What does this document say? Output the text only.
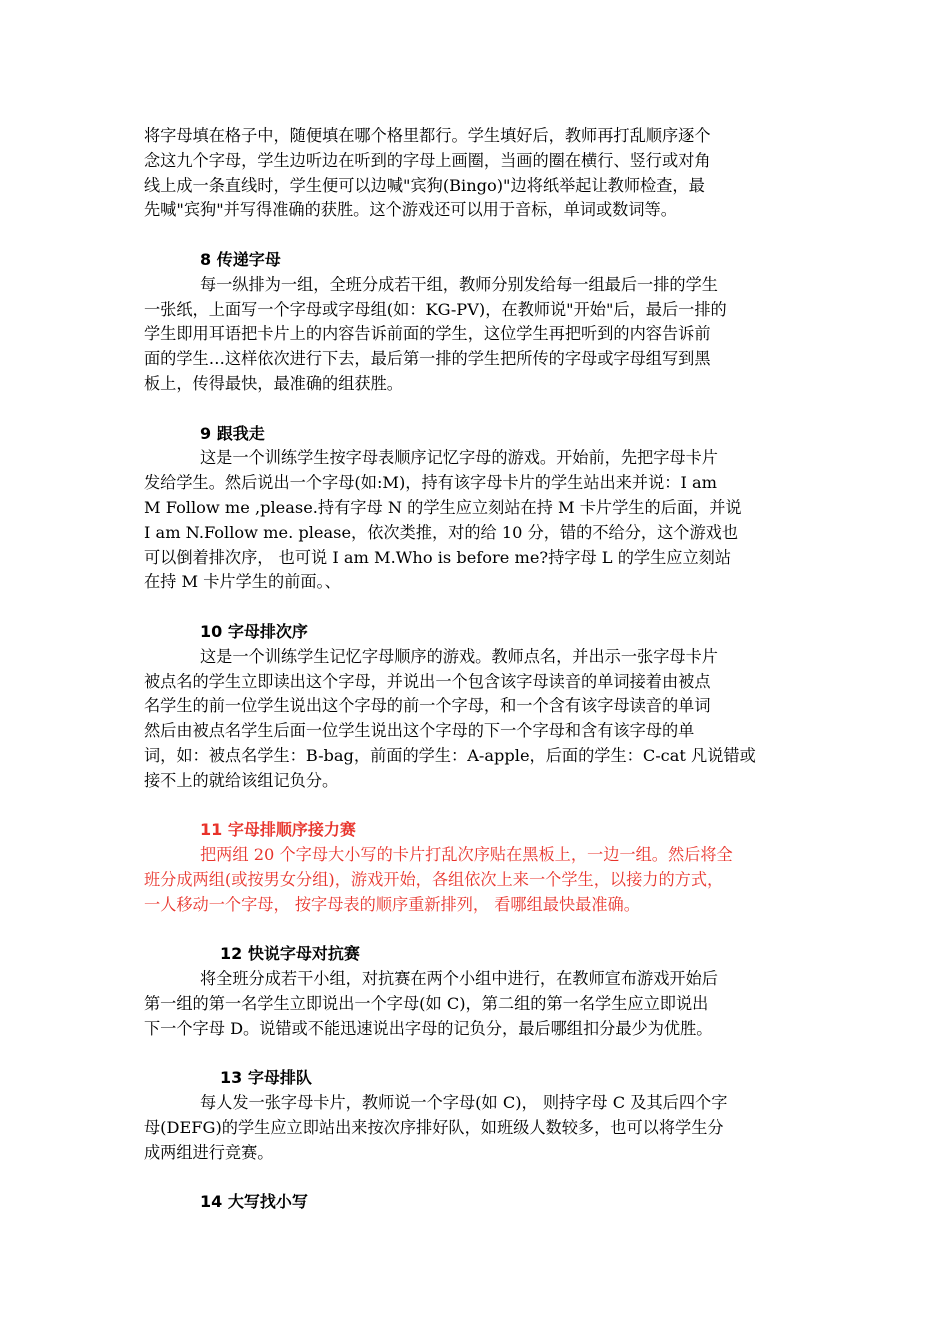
将字母填在格子中，随便填在哪个格里都行。学生填好后，教师再打乱顺序逐个
念这九个字母，学生边听边在听到的字母上画圈，当画的圈在横行、竖行或对角
线上成一条直线时，学生便可以边喊"宾狗(Bingo)"边将纸举起让教师检查，最
先喊"宾狗"并写得准确的获胜。这个游戏还可以用于音标，单词或数词等。
8 传递字母
每一纵排为一组，全班分成若干组，教师分别发给每一组最后一排的学生
一张纸，上面写一个字母或字母组(如：KG-PV)，在教师说"开始"后，最后一排的
学生即用耳语把卡片上的内容告诉前面的学生，这位学生再把听到的内容告诉前
面的学生…这样依次进行下去，最后第一排的学生把所传的字母或字母组写到黑
板上，传得最快，最准确的组获胜。
9 跟我走
这是一个训练学生按字母表顺序记忆字母的游戏。开始前，先把字母卡片
发给学生。然后说出一个字母(如:M)，持有该字母卡片的学生站出来并说：I am
M Follow me ,please.持有字母 N 的学生应立刻站在持 M 卡片学生的后面，并说
I am N.Follow me. please，依次类推，对的给 10 分，错的不给分，这个游戏也
可以倒着排次序， 也可说 I am M.Who is before me?持字母 L 的学生应立刻站
在持 M 卡片学生的前面。、
10 字母排次序
这是一个训练学生记忆字母顺序的游戏。教师点名，并出示一张字母卡片
被点名的学生立即读出这个字母，并说出一个包含该字母读音的单词接着由被点
名学生的前一位学生说出这个字母的前一个字母，和一个含有该字母读音的单词
然后由被点名学生后面一位学生说出这个字母的下一个字母和含有该字母的单
词，如：被点名学生：B-bag，前面的学生：A-apple，后面的学生：C-cat 凡说错或
接不上的就给该组记负分。
11 字母排顺序接力赛
把两组 20 个字母大小写的卡片打乱次序贴在黑板上，一边一组。然后将全
班分成两组(或按男女分组)，游戏开始，各组依次上来一个学生，以接力的方式，
一人移动一个字母， 按字母表的顺序重新排列， 看哪组最快最准确。
12 快说字母对抗赛
将全班分成若干小组，对抗赛在两个小组中进行，在教师宣布游戏开始后
第一组的第一名学生立即说出一个字母(如 C)，第二组的第一名学生应立即说出
下一个字母 D。说错或不能迅速说出字母的记负分，最后哪组扣分最少为优胜。
13 字母排队
每人发一张字母卡片，教师说一个字母(如 C)， 则持字母 C 及其后四个字
母(DEFG)的学生应立即站出来按次序排好队，如班级人数较多，也可以将学生分
成两组进行竞赛。
14 大写找小写
